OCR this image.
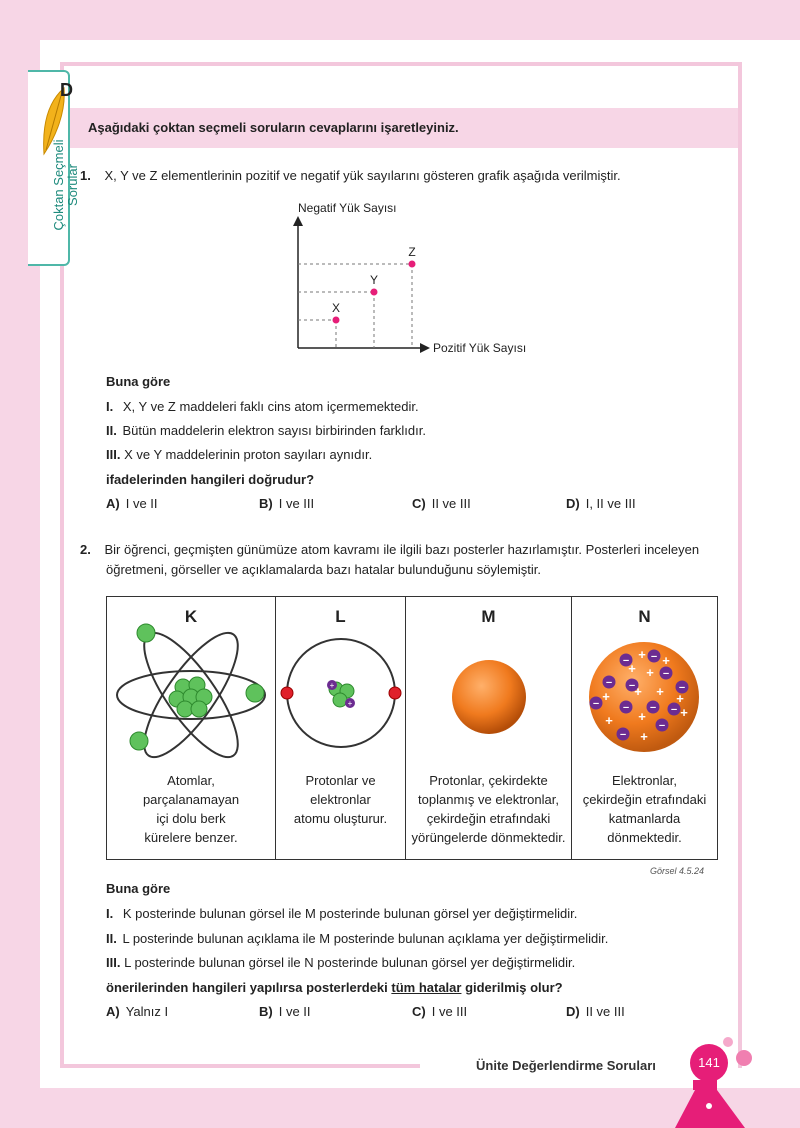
D
Çoktan Seçmeli Sorular
Aşağıdaki çoktan seçmeli soruların cevaplarını işaretleyiniz.
1. X, Y ve Z elementlerinin pozitif ve negatif yük sayılarını gösteren grafik aşağıda verilmiştir.
Negatif Yük Sayısı
Pozitif Yük Sayısı
X
Y
Z
Buna göre
I. X, Y ve Z maddeleri faklı cins atom içermemektedir.
II. Bütün maddelerin elektron sayısı birbirinden farklıdır.
III. X ve Y maddelerinin proton sayıları aynıdır.
ifadelerinden hangileri doğrudur?
A) I ve II	B) I ve III	C) II ve III	D) I, II ve III
2. Bir öğrenci, geçmişten günümüze atom kavramı ile ilgili bazı posterler hazırlamıştır. Posterleri inceleyen
öğretmeni, görseller ve açıklamalarda bazı hatalar bulunduğunu söylemiştir.
K
Atomlar,
parçalanamayan
içi dolu berk
kürelere benzer.
L
+
+
Protonlar ve
elektronlar
atomu oluşturur.
M
Protonlar, çekirdekte
toplanmış ve elektronlar,
çekirdeğin etrafındaki
yörüngelerde dönmektedir.
N
– –
– –
–
–
– – – –
–
–
+ +
+ +
+ + +
+ +	+
+
+
Elektronlar,
çekirdeğin etrafındaki
katmanlarda
dönmektedir.
Görsel 4.5.24
Buna göre
I. K posterinde bulunan görsel ile M posterinde bulunan görsel yer değiştirmelidir.
II. L posterinde bulunan açıklama ile M posterinde bulunan açıklama yer değiştirmelidir.
III. L posterinde bulunan görsel ile N posterinde bulunan görsel yer değiştirmelidir.
önerilerinden hangileri yapılırsa posterlerdeki tüm hatalar giderilmiş olur?
A) Yalnız I	B) I ve II	C) I ve III	D) II ve III
Ünite Değerlendirme Soruları	141
